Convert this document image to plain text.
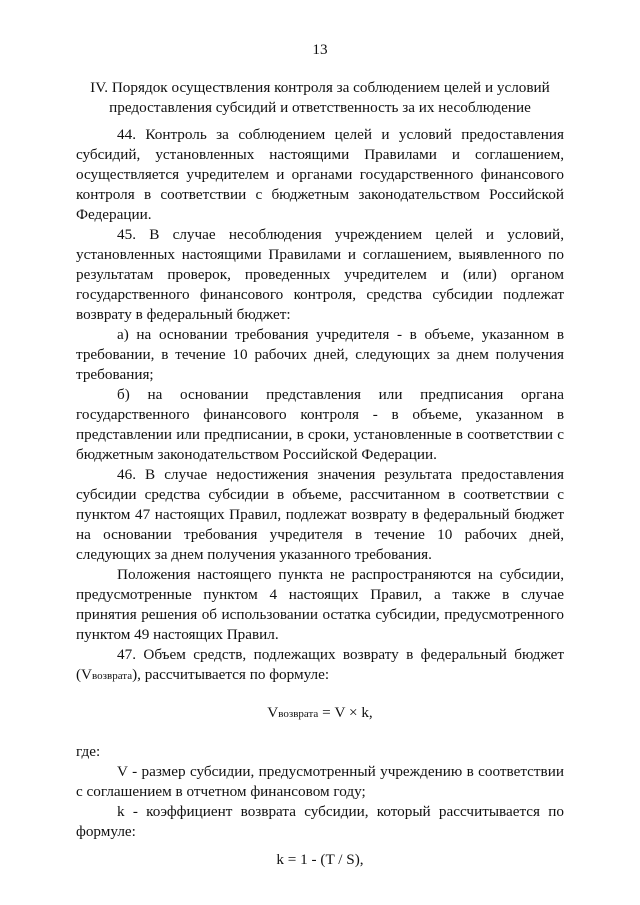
13
IV. Порядок осуществления контроля за соблюдением целей и условий
предоставления субсидий и ответственность за их несоблюдение

44. Контроль за соблюдением целей и условий предоставления субсидий, установленных настоящими Правилами и соглашением, осуществляется учредителем и органами государственного финансового контроля в соответствии с бюджетным законодательством Российской Федерации.

45. В случае несоблюдения учреждением целей и условий, установленных настоящими Правилами и соглашением, выявленного по результатам проверок, проведенных учредителем и (или) органом государственного финансового контроля, средства субсидии подлежат возврату в федеральный бюджет:

а) на основании требования учредителя - в объеме, указанном в требовании, в течение 10 рабочих дней, следующих за днем получения требования;

б) на основании представления или предписания органа государственного финансового контроля - в объеме, указанном в представлении или предписании, в сроки, установленные в соответствии с бюджетным законодательством Российской Федерации.

46. В случае недостижения значения результата предоставления субсидии средства субсидии в объеме, рассчитанном в соответствии с пунктом 47 настоящих Правил, подлежат возврату в федеральный бюджет на основании требования учредителя в течение 10 рабочих дней, следующих за днем получения указанного требования.

Положения настоящего пункта не распространяются на субсидии, предусмотренные пунктом 4 настоящих Правил, а также в случае принятия решения об использовании остатка субсидии, предусмотренного пунктом 49 настоящих Правил.

47. Объем средств, подлежащих возврату в федеральный бюджет (Vвозврата), рассчитывается по формуле:

Vвозврата = V × k,

где:

V - размер субсидии, предусмотренный учреждению в соответствии с соглашением в отчетном финансовом году;

k - коэффициент возврата субсидии, который рассчитывается по формуле:

k = 1 - (T / S),
